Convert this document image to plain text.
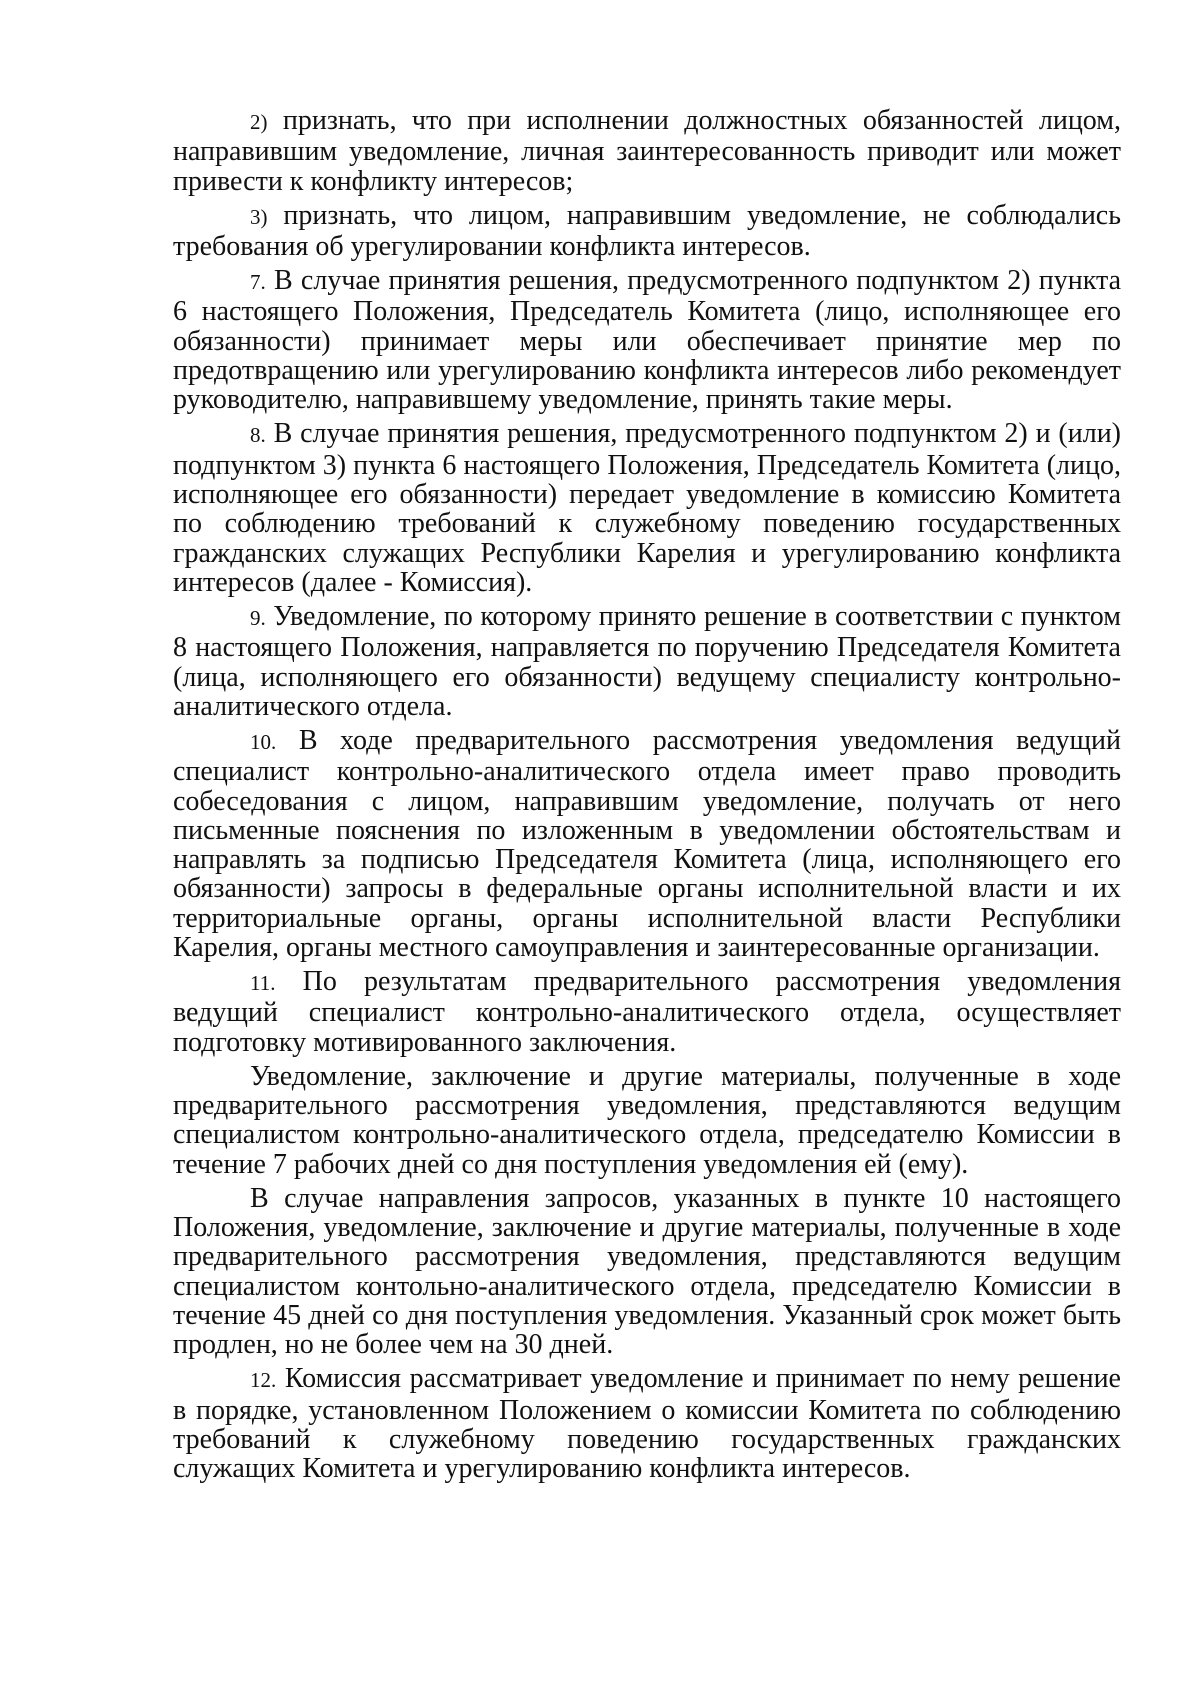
2) признать, что при исполнении должностных обязанностей лицом, направившим уведомление, личная заинтересованность приводит или может привести к конфликту интересов;

3) признать, что лицом, направившим уведомление, не соблюдались требования об урегулировании конфликта интересов.

7. В случае принятия решения, предусмотренного подпунктом 2) пункта 6 настоящего Положения, Председатель Комитета (лицо, исполняющее его обязанности) принимает меры или обеспечивает принятие мер по предотвращению или урегулированию конфликта интересов либо рекомендует руководителю, направившему уведомление, принять такие меры.

8. В случае принятия решения, предусмотренного подпунктом 2) и (или) подпунктом 3) пункта 6 настоящего Положения, Председатель Комитета (лицо, исполняющее его обязанности) передает уведомление в комиссию Комитета по соблюдению требований к служебному поведению государственных гражданских служащих Республики Карелия и урегулированию конфликта интересов (далее - Комиссия).

9. Уведомление, по которому принято решение в соответствии с пунктом 8 настоящего Положения, направляется по поручению Председателя Комитета (лица, исполняющего его обязанности) ведущему специалисту контрольно-аналитического отдела.

10. В ходе предварительного рассмотрения уведомления ведущий специалист контрольно-аналитического отдела имеет право проводить собеседования с лицом, направившим уведомление, получать от него письменные пояснения по изложенным в уведомлении обстоятельствам и направлять за подписью Председателя Комитета (лица, исполняющего его обязанности) запросы в федеральные органы исполнительной власти и их территориальные органы, органы исполнительной власти Республики Карелия, органы местного самоуправления и заинтересованные организации.

11. По результатам предварительного рассмотрения уведомления ведущий специалист контрольно-аналитического отдела, осуществляет подготовку мотивированного заключения.

Уведомление, заключение и другие материалы, полученные в ходе предварительного рассмотрения уведомления, представляются ведущим специалистом контрольно-аналитического отдела, председателю Комиссии в течение 7 рабочих дней со дня поступления уведомления ей (ему).

В случае направления запросов, указанных в пункте 10 настоящего Положения, уведомление, заключение и другие материалы, полученные в ходе предварительного рассмотрения уведомления, представляются ведущим специалистом контольно-аналитического отдела, председателю Комиссии в течение 45 дней со дня поступления уведомления. Указанный срок может быть продлен, но не более чем на 30 дней.

12. Комиссия рассматривает уведомление и принимает по нему решение в порядке, установленном Положением о комиссии Комитета по соблюдению требований к служебному поведению государственных гражданских служащих Комитета и урегулированию конфликта интересов.
